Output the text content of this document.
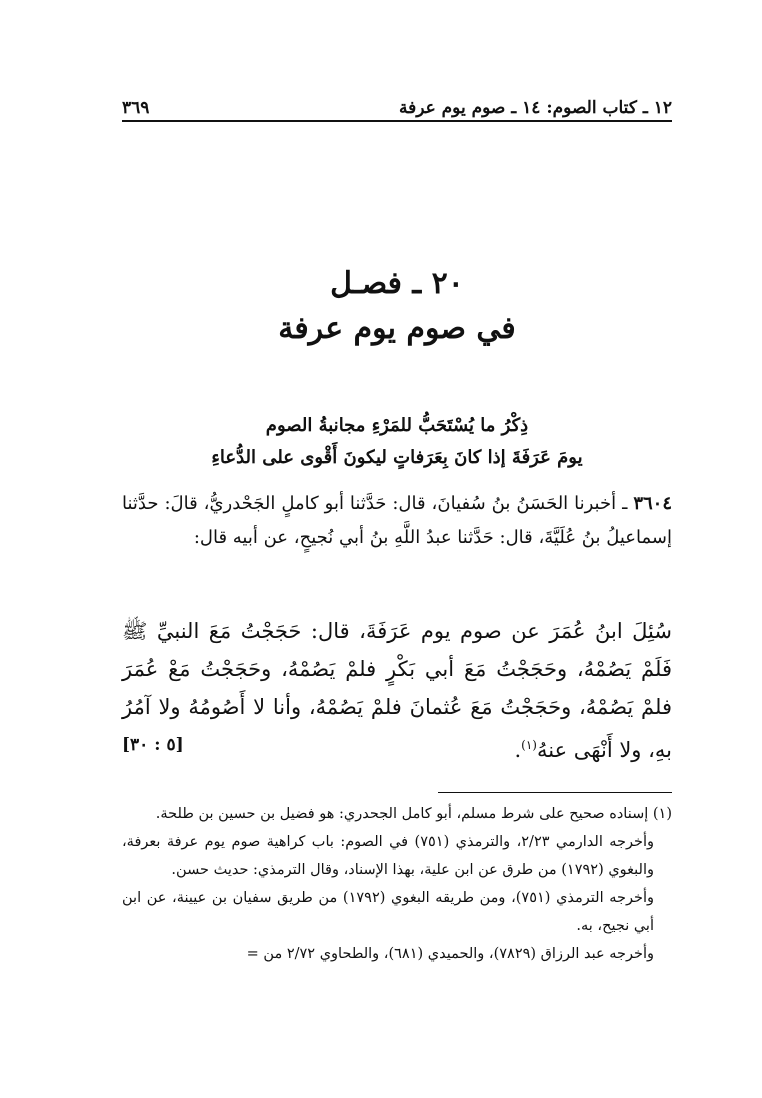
١٢ ـ كتاب الصوم: ١٤ ـ صوم يوم عرفة
٣٦٩
٢٠ ـ فصـل
في صوم يوم عرفة
ذِكْرُ ما يُسْتَحَبُّ للمَرْءِ مجانبةُ الصوم
يومَ عَرَفَةَ إذا كانَ بِعَرَفاتٍ ليكونَ أَقْوى على الدُّعاءِ
٣٦٠٤ ـ أخبرنا الحَسَنُ بنُ سُفيانَ، قال: حَدَّثنا أبو كاملٍ الجَحْدريُّ، قالَ: حدَّثنا إسماعيلُ بنُ عُلَيَّةَ، قال: حَدَّثنا عبدُ اللَّهِ بنُ أبي نُجيحٍ، عن أبيه قال:
سُئِلَ ابنُ عُمَرَ عن صوم يوم عَرَفَةَ، قال: حَجَجْتُ مَعَ النبيِّ ﷺ فَلَمْ يَصُمْهُ، وحَجَجْتُ مَعَ أبي بَكْرٍ فلمْ يَصُمْهُ، وحَجَجْتُ مَعْ عُمَرَ فلمْ يَصُمْهُ، وحَجَجْتُ مَعَ عُثمانَ فلمْ يَصُمْهُ، وأنا لا أَصُومُهُ ولا آمُرُ بهِ، ولا أَنْهَى عنهُ$^{(١)}$.
[٥ : ٣٠]

(١) إسناده صحيح على شرط مسلم، أبو كامل الجحدري: هو فضيل بن حسين بن طلحة.

وأخرجه الدارمي ٢/٢٣، والترمذي (٧٥١) في الصوم: باب كراهية صوم يوم عرفة بعرفة، والبغوي (١٧٩٢) من طرق عن ابن علية، بهذا الإسناد، وقال الترمذي: حديث حسن.

وأخرجه الترمذي (٧٥١)، ومن طريقه البغوي (١٧٩٢) من طريق سفيان بن عيينة، عن ابن أبي نجيح، به.

وأخرجه عبد الرزاق (٧٨٢٩)، والحميدي (٦٨١)، والطحاوي ٢/٧٢ من =
